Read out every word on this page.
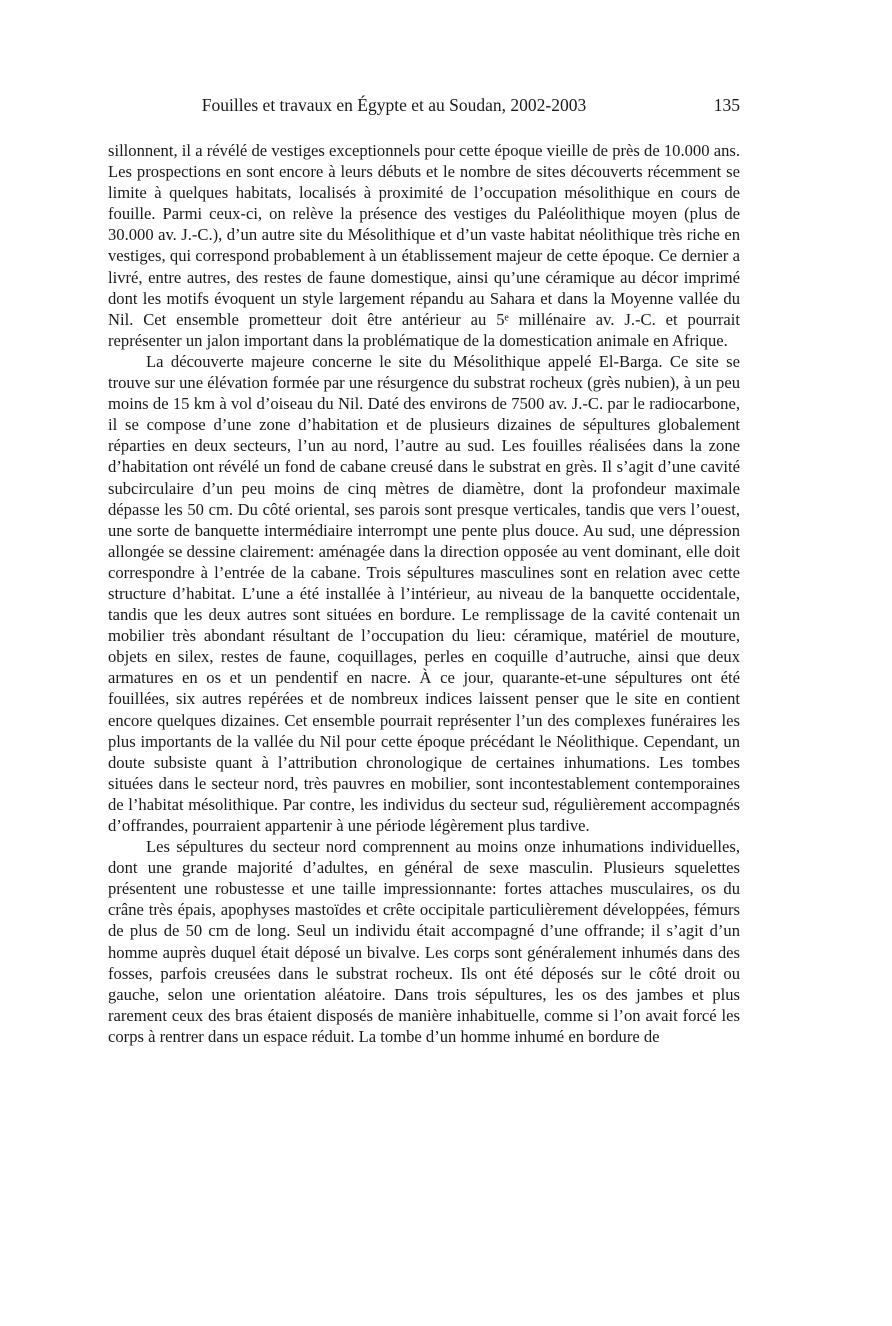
Fouilles et travaux en Égypte et au Soudan, 2002-2003	135

sillonnent, il a révélé de vestiges exceptionnels pour cette époque vieille de près de 10.000 ans. Les prospections en sont encore à leurs débuts et le nombre de sites découverts récemment se limite à quelques habitats, localisés à proximité de l’occupation mésolithique en cours de fouille. Parmi ceux-ci, on relève la présence des vestiges du Paléolithique moyen (plus de 30.000 av. J.-C.), d’un autre site du Mésolithique et d’un vaste habitat néolithique très riche en vestiges, qui correspond probablement à un établissement majeur de cette époque. Ce dernier a livré, entre autres, des restes de faune domestique, ainsi qu’une céramique au décor imprimé dont les motifs évoquent un style largement répandu au Sahara et dans la Moyenne vallée du Nil. Cet ensemble prometteur doit être antérieur au 5ᵉ millénaire av. J.-C. et pourrait représenter un jalon important dans la problématique de la domestication animale en Afrique.

La découverte majeure concerne le site du Mésolithique appelé El-Barga. Ce site se trouve sur une élévation formée par une résurgence du substrat rocheux (grès nubien), à un peu moins de 15 km à vol d’oiseau du Nil. Daté des environs de 7500 av. J.-C. par le radiocarbone, il se compose d’une zone d’habitation et de plusieurs dizaines de sépultures globalement réparties en deux secteurs, l’un au nord, l’autre au sud. Les fouilles réalisées dans la zone d’habitation ont révélé un fond de cabane creusé dans le substrat en grès. Il s’agit d’une cavité subcirculaire d’un peu moins de cinq mètres de diamètre, dont la profondeur maximale dépasse les 50 cm. Du côté oriental, ses parois sont presque verticales, tandis que vers l’ouest, une sorte de banquette intermédiaire interrompt une pente plus douce. Au sud, une dépression allongée se dessine clairement: aménagée dans la direction opposée au vent dominant, elle doit correspondre à l’entrée de la cabane. Trois sépultures masculines sont en relation avec cette structure d’habitat. L’une a été installée à l’intérieur, au niveau de la banquette occidentale, tandis que les deux autres sont situées en bordure. Le remplissage de la cavité contenait un mobilier très abondant résultant de l’occupation du lieu: céramique, matériel de mouture, objets en silex, restes de faune, coquillages, perles en coquille d’autruche, ainsi que deux armatures en os et un pendentif en nacre. À ce jour, quarante-et-une sépultures ont été fouillées, six autres repérées et de nombreux indices laissent penser que le site en contient encore quelques dizaines. Cet ensemble pourrait représenter l’un des complexes funéraires les plus importants de la vallée du Nil pour cette époque précédant le Néolithique. Cependant, un doute subsiste quant à l’attribution chronologique de certaines inhumations. Les tombes situées dans le secteur nord, très pauvres en mobilier, sont incontestablement contemporaines de l’habitat mésolithique. Par contre, les individus du secteur sud, régulièrement accompagnés d’offrandes, pourraient appartenir à une période légèrement plus tardive.

Les sépultures du secteur nord comprennent au moins onze inhumations individuelles, dont une grande majorité d’adultes, en général de sexe masculin. Plusieurs squelettes présentent une robustesse et une taille impressionnante: fortes attaches musculaires, os du crâne très épais, apophyses mastoïdes et crête occipitale particulièrement développées, fémurs de plus de 50 cm de long. Seul un individu était accompagné d’une offrande; il s’agit d’un homme auprès duquel était déposé un bivalve. Les corps sont généralement inhumés dans des fosses, parfois creusées dans le substrat rocheux. Ils ont été déposés sur le côté droit ou gauche, selon une orientation aléatoire. Dans trois sépultures, les os des jambes et plus rarement ceux des bras étaient disposés de manière inhabituelle, comme si l’on avait forcé les corps à rentrer dans un espace réduit. La tombe d’un homme inhumé en bordure de
